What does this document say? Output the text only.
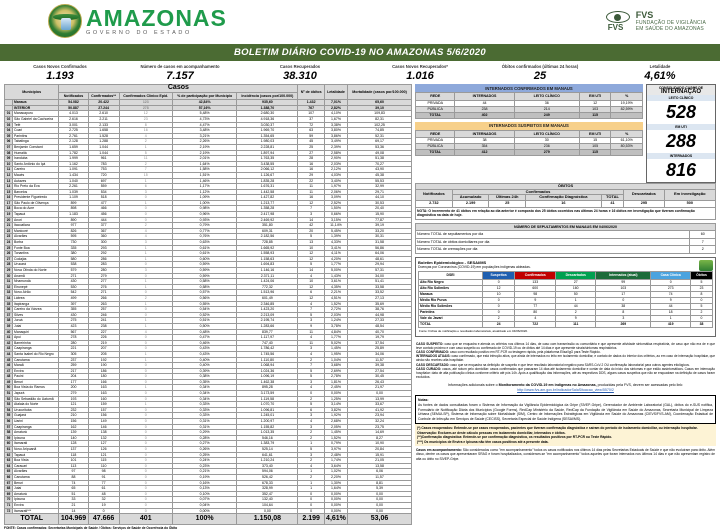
AMAZONAS
GOVERNO DO ESTADO
FVS
FVS
FUNDAÇÃO DE VIGILÂNCIA
EM SAÚDE DO AMAZONAS
BOLETIM DIÁRIO COVID-19 NO AMAZONAS 5/6/2020
Casos Novos Confirmados
1.193
Número de casos em acompanhamento
7.157
Casos Recuperados
38.310
Casos Novos Recuperados*
1.016
Óbitos confirmados (últimas 24 horas)
25
Letalidade
4,61%
Municípios		Casos					Nº de óbitos	Letalidade	Mortalidade (casos por/100.000)
		Notificados	Confirmados**	Confirmados Clínico Epid.	% de participação por Município	Incidência (casos por/100.000)			
	Manaus	54.082	20.422	123	42,84%	935,60	1.432	7,01%	65,60
	INTERIOR	50.887	27.244	278	57,16%	1.388,70	767	2,82%	39,10
01	Manacapuru	4.013	2.610	12	5,48%	2.680,30	107	4,10%	109,83
02	São Gabriel da Cachoeira	2.616	2.211	23	4,73%	4.918,36	37	1,67%	82,31
03	Tefé	3.001	2.133	8	4,47%	3.030,37	72	3,38%	102,25
04	Coari	2.725	1.658	16	3,48%	1.969,70	63	3,80%	74,85
05	Parintins	2.761	1.528	4	3,21%	1.354,65	59	3,86%	52,31
06	Tabatinga	2.128	1.288	2	2,26%	1.980,03	45	3,49%	69,17
07	Benjamin Constant	1.659	1.044	1	2,19%	2.228,81	25	2,39%	53,36
08	Humaitá	1.782	1.044	5	2,19%	1.897,94	27	2,58%	49,08
09	Iranduba	1.999	961	11	2,01%	1.763,35	28	2,90%	51,38
10	Santo Antônio do Içá	1.162	783	2	1,64%	3.438,55	16	2,03%	70,27
11	Careiro	1.091	753	7	1,58%	2.066,12	16	2,12%	43,90
12	Maués	1.434	720	15	1,51%	1.126,67	29	4,03%	45,38
13	Autazes	1.040	697	1	1,46%	1.835,28	22	3,40%	55,53
14	Rio Preto da Eva	2.261	559	6	1,17%	1.676,31	11	1,97%	32,99
15	Barcelos	1.039	534	3	1,12%	1.442,58	11	2,06%	29,71
16	Presidente Figueiredo	1.109	518	0	1,09%	1.427,82	16	3,09%	44,10
17	São Paulo de Olivença	899	477	1	1,00%	1.213,77	12	2,52%	30,53
18	Boca do Acre	898	466	0	0,98%	1.358,28	7	1,50%	20,40
19	Tapauá	1.183	456	0	0,96%	2.417,98	3	0,66%	15,90
20	Anori	890	444	0	0,93%	2.469,92	14	3,15%	77,87
21	Itacoatiara	977	377	2	0,79%	351,80	42	11,14%	39,19
22	Manicoré	826	367	4	0,77%	609,31	20	5,45%	33,20
23	Alvarães	595	360	4	0,76%	2.182,56	5	1,39%	30,31
24	Borba	730	300	3	0,63%	728,85	13	4,33%	31,58
25	Fonte Boa	335	293	1	0,61%	1.665,92	10	3,41%	56,86
26	Tonantins	380	292	1	0,61%	1.558,93	12	4,11%	64,06
27	Codajás	580	286	1	0,60%	1.158,63	12	4,20%	48,61
28	Urucará	538	283	0	0,59%	1.694,83	5	1,77%	29,94
29	Nova Olinda do Norte	579	280	3	0,59%	1.146,16	14	5,00%	57,31
30	Anamã	271	279	0	0,59%	2.371,11	4	1,43%	34,00
31	Nhamundá	430	277	1	0,58%	1.424,06	10	3,61%	51,41
32	Eirunepé	530	276	1	0,58%	772,32	12	4,35%	33,58
33	Novo Airão	542	271	0	0,57%	1.513,96	6	2,21%	33,52
34	Lábrea	499	266	2	0,56%	601,49	12	4,51%	27,13
35	Itapiranga	397	263	1	0,55%	2.346,85	4	1,52%	35,69
36	Careiro da Várzea	355	257	0	0,54%	1.423,20	7	2,72%	38,76
37	Silves	430	246	0	0,52%	2.213,09	5	2,03%	44,98
38	Juruá	275	241	1	0,51%	2.195,74	3	1,24%	27,33
39	Jutaí	423	238	1	0,50%	1.283,66	9	3,78%	48,54
40	Manaquiri	567	227	4	0,48%	839,77	11	4,84%	40,70
41	Apuí	278	226	0	0,47%	1.117,97	4	1,77%	19,79
42	Barreirinha	280	219	0	0,46%	747,40	11	5,02%	37,54
43	Caapiranga	221	207	0	0,43%	1.786,42	3	1,45%	25,89
44	Santa Isabel do Rio Negro	305	205	1	0,43%	1.745,56	4	1,95%	34,06
45	Canutama	237	192	1	0,40%	1.110,80	2	1,04%	11,57
46	Maraã	259	190	0	0,40%	1.068,94	7	3,68%	39,38
47	Envira	217	186	0	0,39%	1.024,36	5	2,69%	27,54
48	Pauini	204	180	0	0,38%	1.096,19	5	2,78%	30,45
49	Beruri	177	166	0	0,35%	1.462,38	3	1,81%	26,43
50	Boa Vista do Ramos	200	163	1	0,34%	895,28	4	2,45%	21,97
51	Japurá	279	163	0	0,34%	3.173,59	0	0,00%	0,00
52	São Sebastião do Uatumã	193	160	0	0,34%	1.119,58	2	1,25%	13,99
53	Atalaia do Norte	121	159	1	0,33%	1.070,70	5	3,14%	33,67
54	Urucurituba	232	157	0	0,33%	1.096,81	6	3,82%	41,92
55	Guajará	210	156	0	0,33%	1.245,01	3	1,92%	23,94
56	Uarini	156	149	0	0,31%	1.200,97	4	2,68%	32,24
57	Caapiranga	162	146	0	0,31%	1.155,82	3	2,05%	23,75
58	Amaturá	139	138	0	0,29%	1.013,35	2	1,45%	14,69
59	Ipixuna	140	132	0	0,28%	546,16	2	1,52%	8,27
60	Itamarati	128	127	0	0,27%	1.383,79	1	0,79%	10,90
61	Novo Aripuanã	137	126	0	0,26%	525,14	5	3,97%	20,84
62	Tapauá	118	121	0	0,25%	641,61	3	2,48%	15,91
63	Boa Vista	101	115	0	0,24%	1.210,24	2	1,74%	21,05
64	Carauari	113	110	0	0,23%	373,40	4	3,64%	13,58
65	Alvarães	97	98	0	0,21%	594,06	1	1,02%	6,06
66	Canutama	88	91	0	0,19%	526,42	2	2,20%	11,57
67	Beruri	74	77	0	0,16%	678,33	1	1,30%	8,81
68	Jutaí	65	61	0	0,13%	328,99	1	1,64%	5,39
69	Amaturá	51	48	0	0,10%	352,47	0	0,00%	0,00
70	Ipixuna	33	32	0	0,07%	132,40	0	0,00%	0,00
71	Envira	21	19	0	0,04%	104,64	0	0,00%	0,00
72	Itamarati***	14	0	0	0,00%	0,00	0	0,00%	0,00
TOTAL		104.969	47.666	401	100%	1.150,08	2.199	4,61%	53,06
FONTE: Casos confirmados: Secretarias Municipais de Saúde / Óbitos: Serviços de Saúde de Ocorrência do Óbito
INTERNADOS CONFIRMADOS EM MANAUS
REDE	INTERNADOS	LEITO CLÍNICO	EM UTI	%
PRIVADA	44	36	12	19,19%
PÚBLICA	238	214	103	82,59%
TOTAL	402	249	115	
INTERNADOS SUSPEITOS EM MANAUS
REDE	INTERNADOS	LEITO CLÍNICO	EM UTI	%
PRIVADA	38	30	15	61,10%
PÚBLICA	354	236	105	80,53%
TOTAL	412	279	115	
CONSOLIDADO CASOS DE
INTERNAÇÃO
LEITO CLÍNICO
528
EM UTI
288
INTERNADOS
816
ÓBITOS						
Notificados	Confirmados				Descartados	Em investigação
	Acumulado	Últimas 24h	Confirmação Diagnóstica	TOTAL		
2.732	2.199	25	16	41	295	500
NOTA: O incremento de 41 óbitos em relação ao dia anterior é composto dos 25 óbitos ocorridos nas últimas 24 horas e 16 óbitos em investigação que tiveram confirmação diagnóstica na data de hoje.						
NÚMERO DE SEPULTAMENTOS EM MANAUS EM 04/06/2020	
Número TOTAL de sepultamentos por dia	60
Número TOTAL de óbitos domiciliares por dia	7
Número TOTAL de cremações por dia	2
Boletim Epidemiológico - SESAI/MS
Doenças por Coronavírus (COVID-19) em populações indígenas aldeadas.
DSEI	Suspeitos	Confirmados	Descartados	Internados (atual)	Casa Clínica	Óbitos
Alto Rio Negro	0	133	27	99	0	5
Alto Rio Solimões	12	600	160	103	273	23
Manaus	10	98	50	17	74	8
Médio Rio Purus	0	9	1	0	9	0
Médio Rio Solimões	0	77	44	38	44	5
Parintins	0	80	2	8	18	2
Vale do Javari	2	4	9	3	1	0
TOTAL	24	722	111	269	419	38
Fonte: Fichas de notificação e resultados laboratoriais, atualizado em 04/06/2020.
CASO SUSPEITO: caso que se enquadra e atenda os critérios nos últimos 14 dias, de caso com transmissão ou comunitária e que apresente atividade sintomática respiratória, de caso que não era de e que teve contato próximo e com caso suspeito ou confirmado de COVID-19 ou de óbitos até 14 dias e que apresente sinais/sintomas respiratórios.
CASO CONFIRMADO: caso com resultado positivo em RT-PCR ou testagem rápida, pela plataforma Elisa/IgG para Teste Rápido.
INTERNADOS ATUAIS: caso confirmado, que está infecção ativa, que ainda de internados no leito em isolamento domiciliar, e contato de dados do interior dos critérios, ao em caso de internação hospitalar, que ainda não recebeu alta hospitalar.
CASO DESCARTADO: caso que se enquadra na definição de suspeito e que teve resultado laboratorial negativo para SARS-CoV-2 OU confirmação laboratorial para outros agentes etiológicos.
CASO CURADO: casos, até notum pelo domiciliar: casos confirmados que passaram 14 dias até isolamento domiciliar e contar de data do início dos sintomas e que estão assintomáticos. Casos em internação hospitalar: data de alta publicação clínica conforme critério até pós 14h. Após a qualificação das informações, até as respectivos DDS, alguns casos suspeitos que não se enquadram na definição de casos foram excluídos.
Informações adicionais sobre o Monitoramento da COVID-19 em indígenas no Amazonas, produzidas pela FVS, devem ser acessadas pelo link:
http://www.fvs.am.gov.br/indicadorSalaSituacao_view/5570/2
Notas:
As fontes de dados consultadas foram o Sistema de Informação da Vigilância Epidemiológica da Gripe (SIVEP-Gripe), Gerenciador de Ambiente Laboratorial (GAL), óbitos do e-SUS notifica, Formulário de Notificação Diária dos Municípios (Google Forms), RedCap Ministério da Saúde, RedCap da Fundação de Vigilância em Saúde do Amazonas, Secretaria Municipal de Limpeza Urbana (SEMULSP), Sistema de Informação sobre Mortalidade (SIM), Centro de Informações Estratégicas em Vigilância em Saúde do Amazonas (CIEVS/FVS-AM), Coordenação Estadual de Controle de Infecção em Serviços de Saúde (CECISS), Secretaria Especial de Saúde Indígena (SESAI/MS).
(*) Casos recuperados: Entende-se por casos recuperados, pacientes que tiveram confirmação diagnóstica e saíram do período de isolamento domiciliar, ou internação hospitalar.
Observação: Excluem-se deste cálculo pessoas em isolamento domiciliar, internados e óbitos.
(**)Confirmação diagnóstica: Entende-se por confirmação diagnóstica, os resultados positivos por RT-PCR ou Teste Rápido.
(***) Os municípios de Envira e Ipixuna não têm casos positivos até a presente data.
Casos em acompanhamento: São considerados como "em acompanhamento" todos os casos notificados nos últimos 14 dias pelas Secretarias Estaduais de Saúde e que não evoluíram para óbito. Além disso, dentre os casos que apresentaram SRAG e foram hospitalizados, consideram-se "em acompanhamento" todos aqueles que foram internados nos últimos 14 dias e que não apresentam registro de alta ou óbito no SIVEP-Gripe.
